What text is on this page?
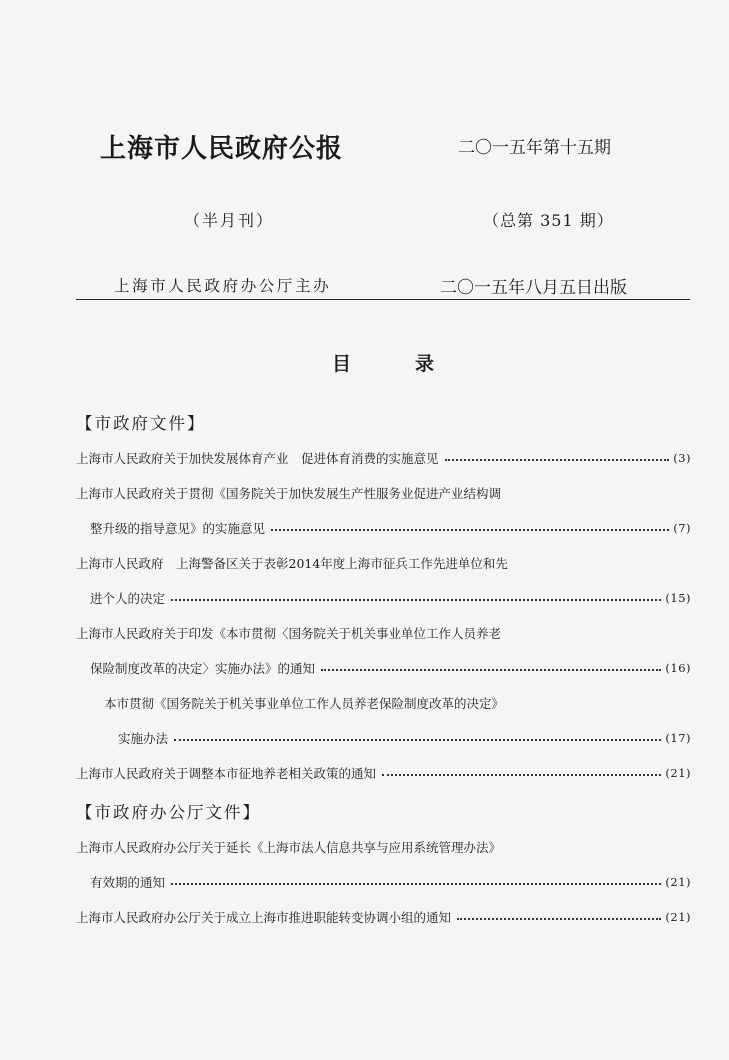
上海市人民政府公报	二〇一五年第十五期
（半月刊）	（总第 351 期）
上海市人民政府办公厅主办	二〇一五年八月五日出版
目录
【市政府文件】
上海市人民政府关于加快发展体育产业　促进体育消费的实施意见	(3)
上海市人民政府关于贯彻《国务院关于加快发展生产性服务业促进产业结构调
整升级的指导意见》的实施意见	(7)
上海市人民政府　上海警备区关于表彰2014年度上海市征兵工作先进单位和先
进个人的决定	(15)
上海市人民政府关于印发《本市贯彻〈国务院关于机关事业单位工作人员养老
保险制度改革的决定〉实施办法》的通知	(16)
本市贯彻《国务院关于机关事业单位工作人员养老保险制度改革的决定》
实施办法	(17)
上海市人民政府关于调整本市征地养老相关政策的通知	(21)
【市政府办公厅文件】
上海市人民政府办公厅关于延长《上海市法人信息共享与应用系统管理办法》
有效期的通知	(21)
上海市人民政府办公厅关于成立上海市推进职能转变协调小组的通知	(21)
